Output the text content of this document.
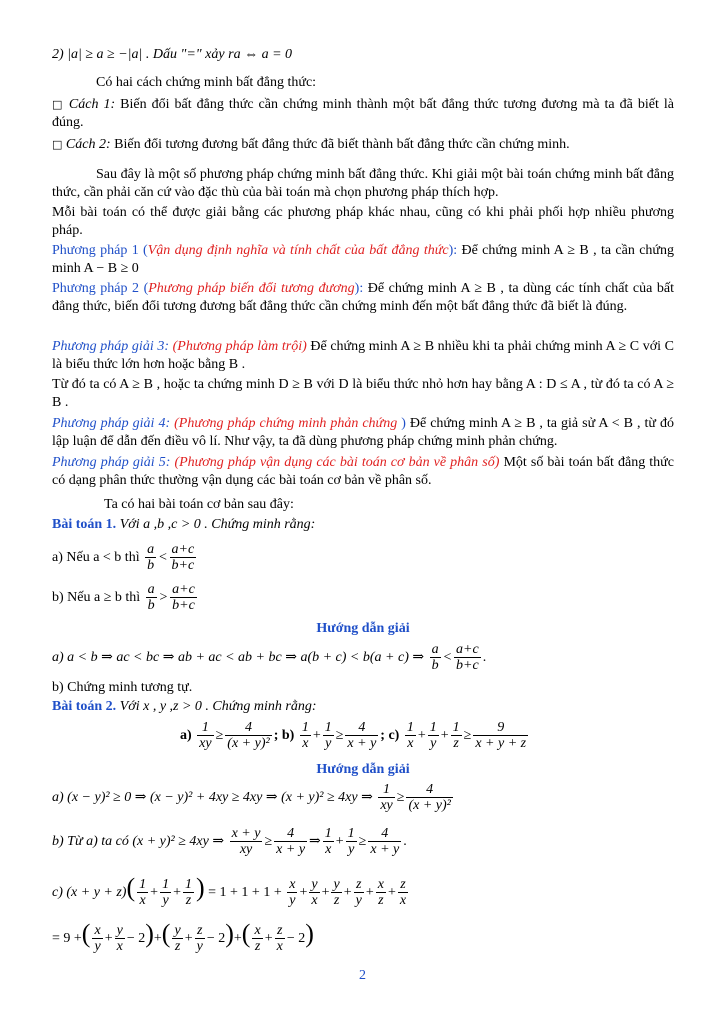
2) |a| ≥ a ≥ −|a| . Dấu "=" xảy ra ⇔ a = 0
Có hai cách chứng minh bất đẳng thức:
□ Cách 1: Biến đổi bất đẳng thức cần chứng minh thành một bất đẳng thức tương đương mà ta đã biết là đúng.
□ Cách 2: Biến đổi tương đương bất đẳng thức đã biết thành bất đẳng thức cần chứng minh.
Sau đây là một số phương pháp chứng minh bất đẳng thức. Khi giải một bài toán chứng minh bất đẳng thức, cần phải căn cứ vào đặc thù của bài toán mà chọn phương pháp thích hợp.
Mỗi bài toán có thể được giải bằng các phương pháp khác nhau, cũng có khi phải phối hợp nhiều phương pháp.
Phương pháp 1 (Vận dụng định nghĩa và tính chất của bất đẳng thức): Để chứng minh A ≥ B , ta cần chứng minh A − B ≥ 0
Phương pháp 2 (Phương pháp biến đổi tương đương): Để chứng minh A ≥ B , ta dùng các tính chất của bất đẳng thức, biến đổi tương đương bất đẳng thức cần chứng minh đến một bất đẳng thức đã biết là đúng.
Phương pháp giải 3: (Phương pháp làm trội) Để chứng minh A ≥ B nhiều khi ta phải chứng minh A ≥ C với C là biểu thức lớn hơn hoặc bằng B .
Từ đó ta có A ≥ B , hoặc ta chứng minh D ≥ B với D là biểu thức nhỏ hơn hay bằng A : D ≤ A , từ đó ta có A ≥ B .
Phương pháp giải 4: (Phương pháp chứng minh phản chứng ) Để chứng minh A ≥ B , ta giả sử A < B , từ đó lập luận để dẫn đến điều vô lí. Như vậy, ta đã dùng phương pháp chứng minh phản chứng.
Phương pháp giải 5: (Phương pháp vận dụng các bài toán cơ bản về phân số) Một số bài toán bất đẳng thức có dạng phân thức thường vận dụng các bài toán cơ bản về phân số.
Ta có hai bài toán cơ bản sau đây:
Bài toán 1. Với a ,b ,c > 0 . Chứng minh rằng:
a) Nếu a < b thì $\frac{a}{b} < \frac{a+c}{b+c}$
b) Nếu a ≥ b thì $\frac{a}{b} > \frac{a+c}{b+c}$
Hướng dẫn giải
a) a < b ⇒ ac < bc ⇒ ab + ac < ab + bc ⇒ a(b + c) < b(a + c) ⇒ $\frac{a}{b} < \frac{a+c}{b+c}$ .
b) Chứng minh tương tự.
Bài toán 2. Với x , y ,z > 0 . Chứng minh rằng:
$a) \frac{1}{xy} \ge \frac{4}{\text{(x + y)²}}$ ; $b) \frac{1}{x} + \frac{1}{y} \ge \frac{4}{x + y}$ ; $c) \frac{1}{x} + \frac{1}{y} + \frac{1}{z} \ge \frac{9}{x + y + z}$
Hướng dẫn giải
a) (x − y)² ≥ 0 ⇒ (x − y)² + 4xy ≥ 4xy ⇒ (x + y)² ≥ 4xy ⇒ $\frac{1}{xy} \ge \frac{4}{\text{(x + y)²}}$
b) Từ a) ta có (x + y)² ≥ 4xy ⇒ $\frac{x + y}{xy} \ge \frac{4}{x + y}$ ⇒ $\frac{1}{x} + \frac{1}{y} \ge \frac{4}{x + y}$ .
c) $(x + y + z)( \frac{1}{x} + \frac{1}{y} + \frac{1}{z}$ ) = $1 + 1 + 1 + \frac{x}{y} + \frac{y}{x} + \frac{y}{z} + \frac{z}{y} + \frac{x}{z} + \frac{z}{x}$
= 9 +( $\frac{x}{y} + \frac{y}{x} - 2)+( \frac{y}{z} + \frac{z}{y} - 2)+( \frac{x}{z} + \frac{z}{x} - 2)$
2
